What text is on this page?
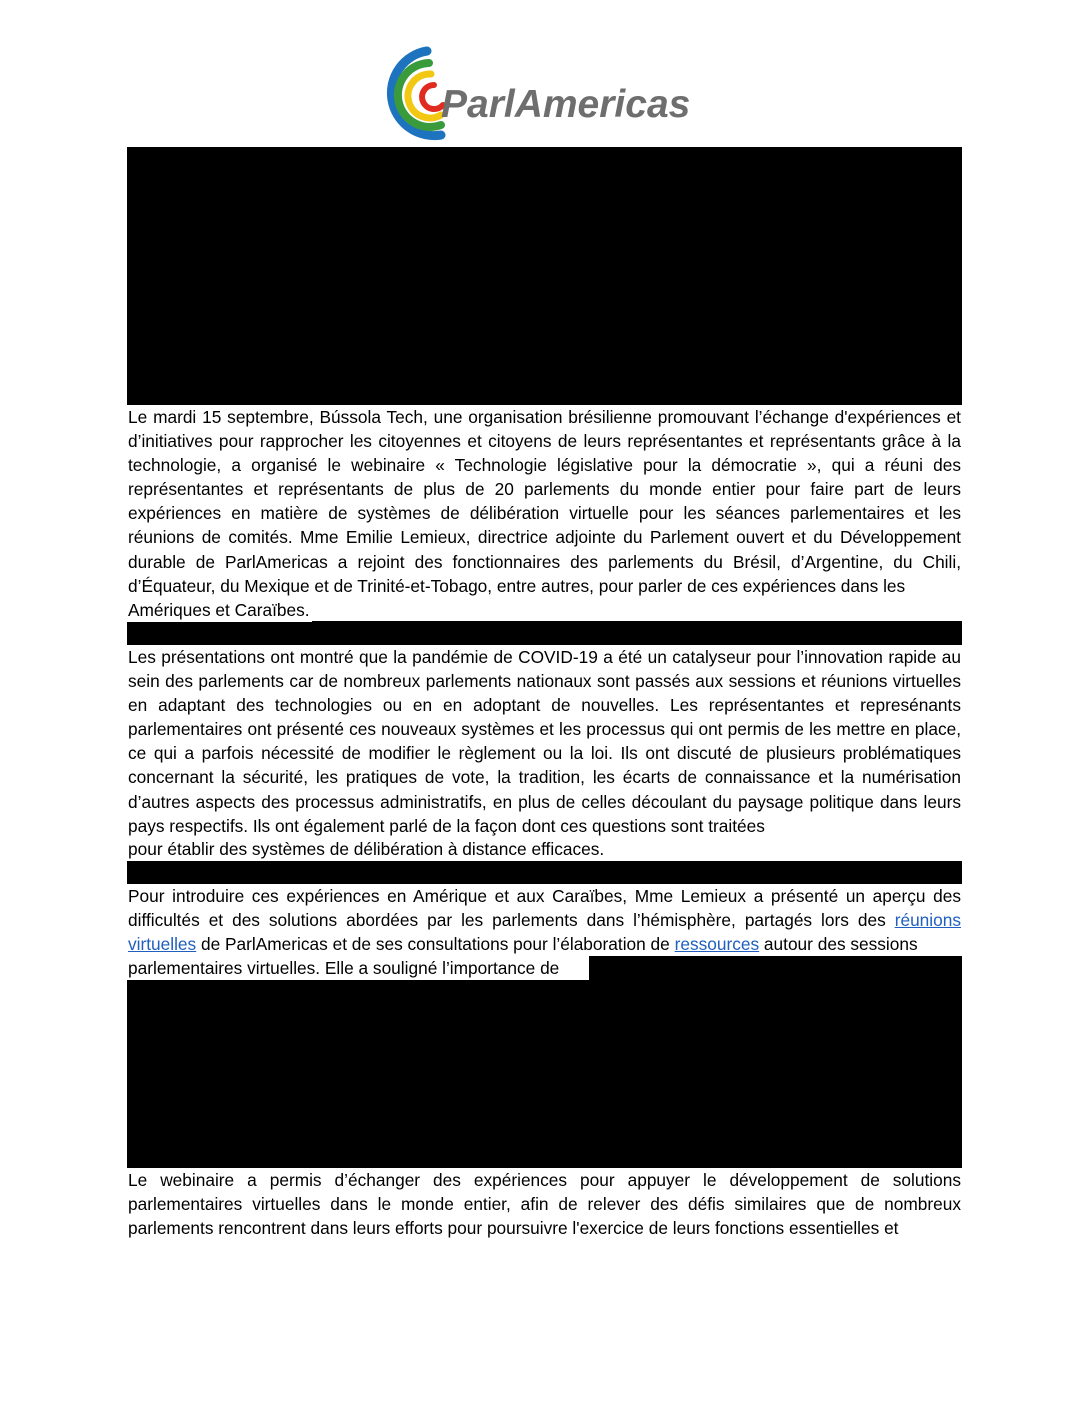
ParlAmericas

Le mardi 15 septembre, Bússola Tech, une organisation brésilienne promouvant l’échange d'expériences et d’initiatives pour rapprocher les citoyennes et citoyens de leurs représentantes et représentants grâce à la technologie, a organisé le webinaire « Technologie législative pour la démocratie », qui a réuni des représentantes et représentants de plus de 20 parlements du monde entier pour faire part de leurs expériences en matière de systèmes de délibération virtuelle pour les séances parlementaires et les réunions de comités. Mme Emilie Lemieux, directrice adjointe du Parlement ouvert et du Développement durable de ParlAmericas a rejoint des fonctionnaires des parlements du Brésil, d’Argentine, du Chili, d’Équateur, du Mexique et de Trinité-et-Tobago, entre autres, pour parler de ces expériences dans les

Amériques et Caraïbes.

Les présentations ont montré que la pandémie de COVID-19 a été un catalyseur pour l’innovation rapide au sein des parlements car de nombreux parlements nationaux sont passés aux sessions et réunions virtuelles en adaptant des technologies ou en en adoptant de nouvelles. Les représentantes et represénants parlementaires ont présenté ces nouveaux systèmes et les processus qui ont permis de les mettre en place, ce qui a parfois nécessité de modifier le règlement ou la loi. Ils ont discuté de plusieurs problématiques concernant la sécurité, les pratiques de vote, la tradition, les écarts de connaissance et la numérisation d’autres aspects des processus administratifs, en plus de celles découlant du paysage politique dans leurs pays respectifs. Ils ont également parlé de la façon dont ces questions sont traitées

pour établir des systèmes de délibération à distance efficaces.

Pour introduire ces expériences en Amérique et aux Caraïbes, Mme Lemieux a présenté un aperçu des difficultés et des solutions abordées par les parlements dans l’hémisphère, partagés lors des réunions virtuelles de ParlAmericas et de ses consultations pour l’élaboration de ressources autour des sessions

parlementaires virtuelles. Elle a souligné l’importance de

Le webinaire a permis d’échanger des expériences pour appuyer le développement de solutions parlementaires virtuelles dans le monde entier, afin de relever des défis similaires que de nombreux parlements rencontrent dans leurs efforts pour poursuivre l'exercice de leurs fonctions essentielles et
